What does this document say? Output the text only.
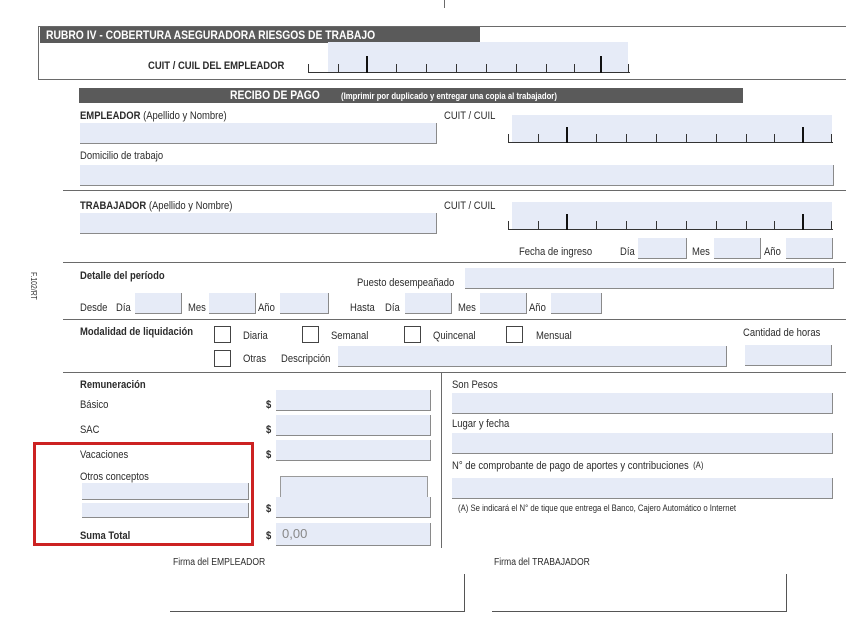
RUBRO IV - COBERTURA ASEGURADORA RIESGOS DE TRABAJO
CUIT / CUIL DEL EMPLEADOR
RECIBO DE PAGO (Imprimir por duplicado y entregar una copia al trabajador)
EMPLEADOR (Apellido y Nombre)	CUIT / CUIL
Domicilio de trabajo
TRABAJADOR (Apellido y Nombre)	CUIT / CUIL
Fecha de ingreso	Día	Mes	Año
F.102/RT	Detalle del período
Puesto desempeañado
Desde Día	Mes	Año	Hasta Día	Mes	Año
Modalidad de liquidación	Diaria	Semanal	Quincenal	Mensual	Cantidad de horas
Otras Descripción
Remuneración
Básico	$
SAC	$
Vacaciones	$
Otros conceptos
$
Suma Total	$ 0,00
Son Pesos
Lugar y fecha
N° de comprobante de pago de aportes y contribuciones $^{(A)}$
(A) Se indicará el N° de tique que entrega el Banco, Cajero Automático o Internet
Firma del EMPLEADOR	Firma del TRABAJADOR
